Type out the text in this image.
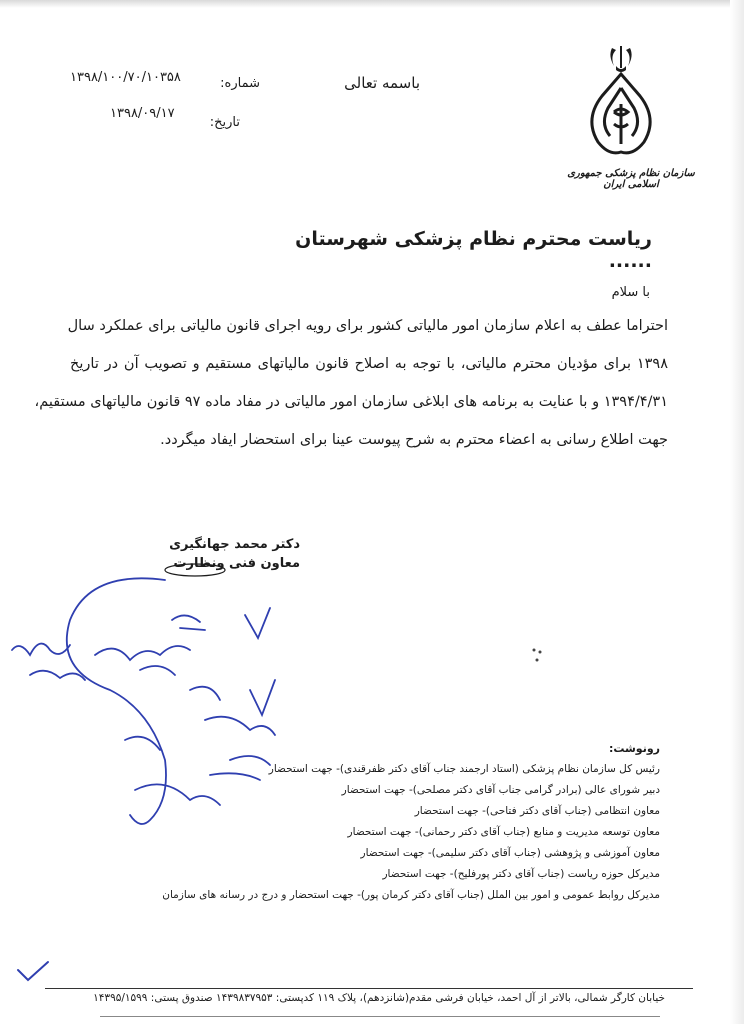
سازمان نظام پزشکی جمهوری اسلامی ایران
باسمه تعالی
شماره:
۱۳۹۸/۱۰۰/۷۰/۱۰۳۵۸
تاریخ:
۱۳۹۸/۰۹/۱۷
ریاست محترم نظام پزشکی شهرستان ......
با سلام
احتراما عطف به اعلام سازمان امور مالیاتی کشور برای رویه اجرای قانون مالیاتی برای عملکرد سال
۱۳۹۸ برای مؤدیان محترم مالیاتی، با توجه به اصلاح قانون مالیاتهای مستقیم و تصویب آن در تاریخ
۱۳۹۴/۴/۳۱ و با عنایت به برنامه های ابلاغی سازمان امور مالیاتی در مفاد ماده ۹۷ قانون مالیاتهای مستقیم،
جهت اطلاع رسانی به اعضاء محترم به شرح پیوست عینا برای استحضار ایفاد میگردد.
دکتر محمد جهانگیری
معاون فنی ونظارت
رونوشت:
رئیس کل سازمان نظام پزشکی (استاد ارجمند جناب آقای دکتر ظفرقندی)- جهت استحضار
دبیر شورای عالی (برادر گرامی جناب آقای دکتر مصلحی)- جهت استحضار
معاون انتظامی (جناب آقای دکتر فتاحی)- جهت استحضار
معاون توسعه مدیریت و منابع (جناب آقای دکتر رحمانی)- جهت استحضار
معاون آموزشی و پژوهشی (جناب آقای دکتر سلیمی)- جهت استحضار
مدیرکل حوزه ریاست (جناب آقای دکتر پورفلیح)- جهت استحضار
مدیرکل روابط عمومی و امور بین الملل (جناب آقای دکتر کرمان پور)- جهت استحضار و درج در رسانه های سازمان
خیابان کارگر شمالی، بالاتر از آل احمد، خیابان فرشی مقدم(شانزدهم)، پلاک ۱۱۹ کدپستی: ۱۴۳۹۸۳۷۹۵۳ صندوق پستی: ۱۴۳۹۵/۱۵۹۹
